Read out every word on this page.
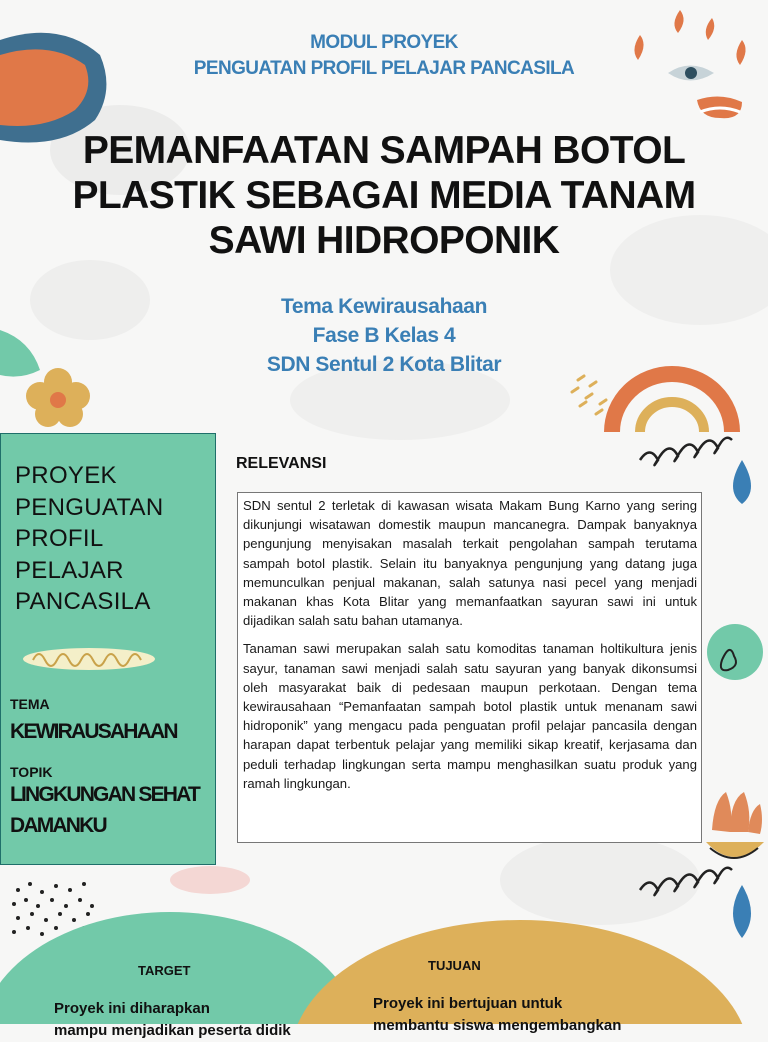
MODUL PROYEK
PENGUATAN PROFIL PELAJAR PANCASILA
PEMANFAATAN SAMPAH BOTOL
PLASTIK SEBAGAI MEDIA TANAM
SAWI HIDROPONIK
Tema Kewirausahaan
Fase B Kelas 4
SDN Sentul 2 Kota Blitar
PROYEK
PENGUATAN
PROFIL
PELAJAR
PANCASILA
TEMA
KEWIRAUSAHAAN
TOPIK
LINGKUNGAN SEHAT
DAMANKU
RELEVANSI

SDN sentul 2 terletak di kawasan wisata Makam Bung Karno yang sering dikunjungi wisatawan domestik maupun mancanegra. Dampak banyaknya pengunjung menyisakan masalah terkait pengolahan sampah terutama sampah botol plastik. Selain itu banyaknya pengunjung yang datang juga memunculkan penjual makanan, salah satunya nasi pecel yang menjadi makanan khas Kota Blitar yang memanfaatkan sayuran sawi ini untuk dijadikan salah satu bahan utamanya.

Tanaman sawi merupakan salah satu komoditas tanaman holtikultura jenis sayur, tanaman sawi menjadi salah satu sayuran yang banyak dikonsumsi oleh masyarakat baik di pedesaan maupun perkotaan. Dengan tema kewirausahaan “Pemanfaatan sampah botol plastik untuk menanam sawi hidroponik” yang mengacu pada penguatan profil pelajar pancasila dengan harapan dapat terbentuk pelajar yang memiliki sikap kreatif, kerjasama dan peduli terhadap lingkungan serta mampu menghasilkan suatu produk yang ramah lingkungan.

TARGET
Proyek ini diharapkan
mampu menjadikan peserta didik
TUJUAN
Proyek ini bertujuan untuk
membantu siswa mengembangkan
